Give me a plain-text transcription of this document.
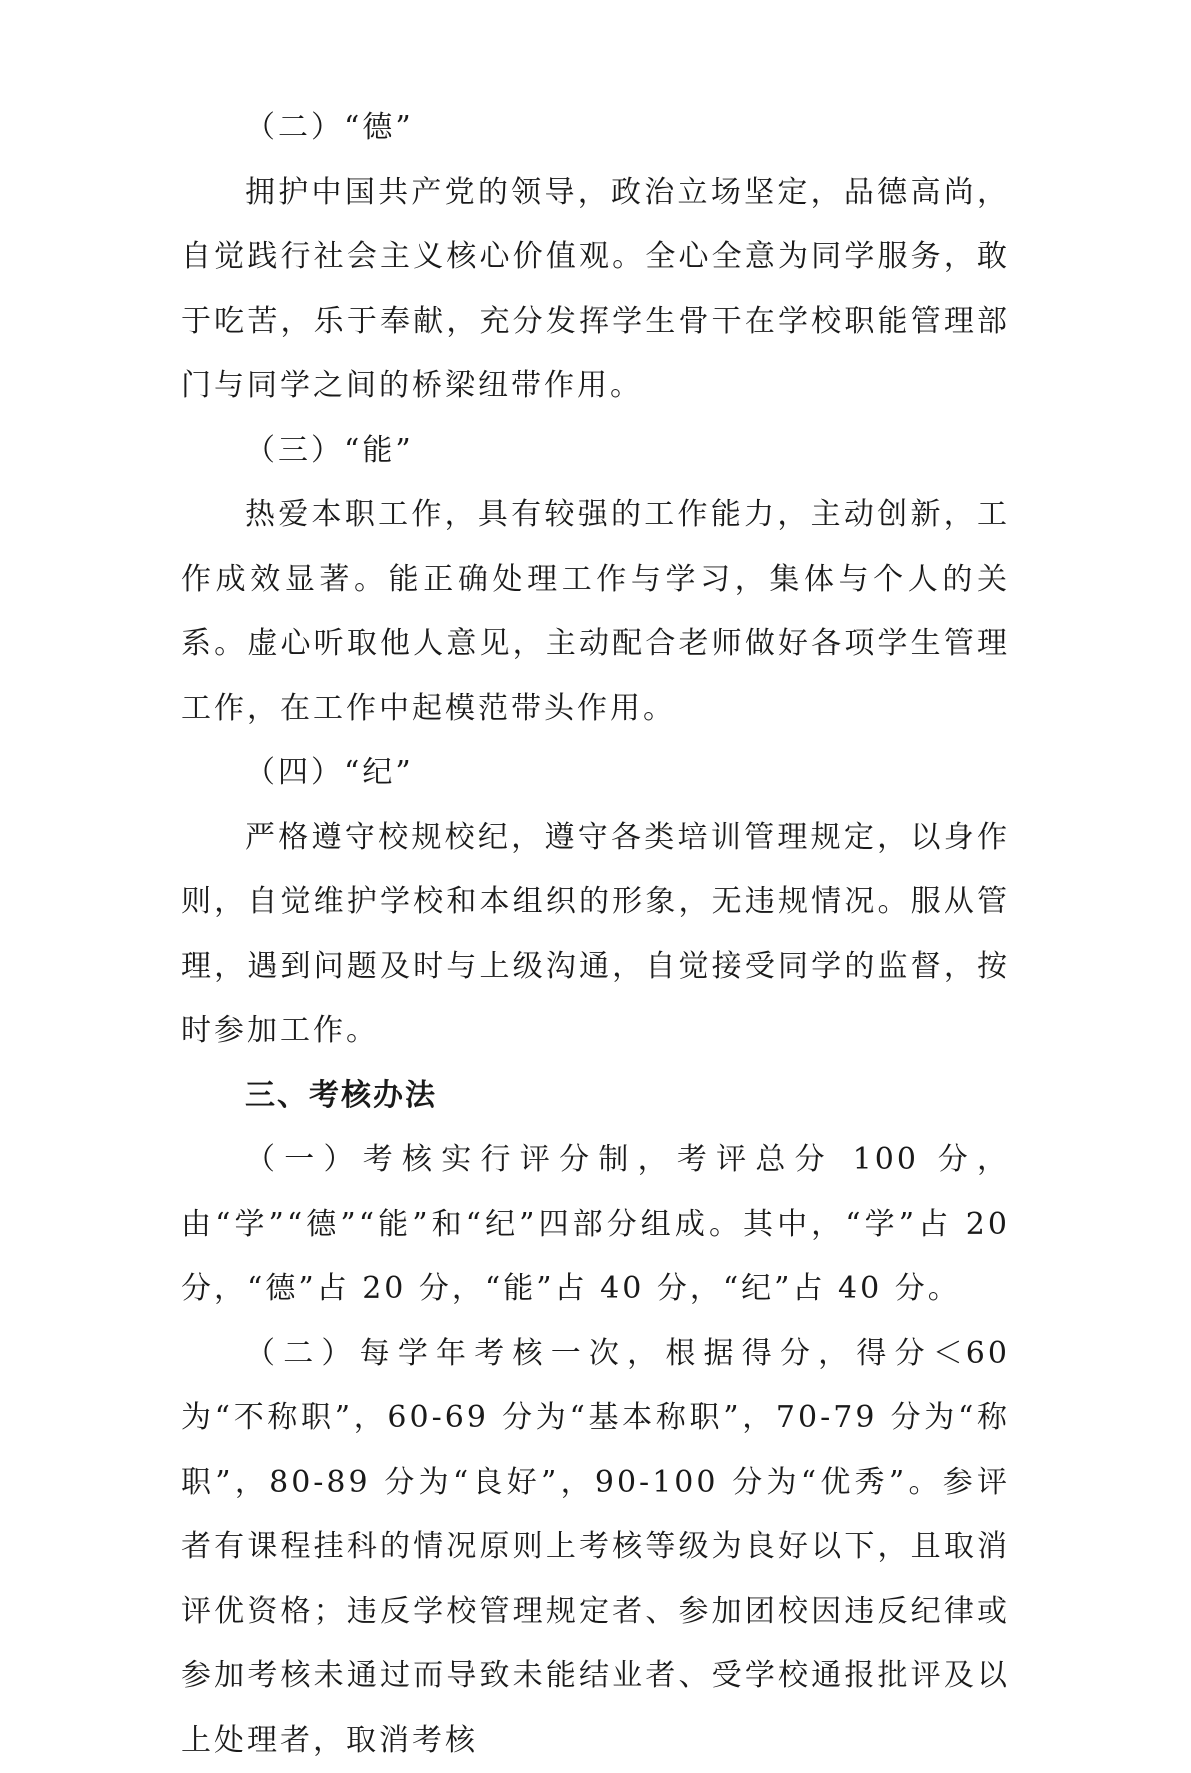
（二）“德”

拥护中国共产党的领导，政治立场坚定，品德高尚，自觉践行社会主义核心价值观。全心全意为同学服务，敢于吃苦，乐于奉献，充分发挥学生骨干在学校职能管理部门与同学之间的桥梁纽带作用。

（三）“能”

热爱本职工作，具有较强的工作能力，主动创新，工作成效显著。能正确处理工作与学习，集体与个人的关系。虚心听取他人意见，主动配合老师做好各项学生管理工作，在工作中起模范带头作用。

（四）“纪”

严格遵守校规校纪，遵守各类培训管理规定，以身作则，自觉维护学校和本组织的形象，无违规情况。服从管理，遇到问题及时与上级沟通，自觉接受同学的监督，按时参加工作。

三、考核办法

（一）考核实行评分制，考评总分 100 分，由“学”“德”“能”和“纪”四部分组成。其中，“学”占 20 分，“德”占 20 分，“能”占 40 分，“纪”占 40 分。

（二）每学年考核一次，根据得分，得分＜60 为“不称职”，60-69 分为“基本称职”，70-79 分为“称职”，80-89 分为“良好”，90-100 分为“优秀”。参评者有课程挂科的情况原则上考核等级为良好以下，且取消评优资格；违反学校管理规定者、参加团校因违反纪律或参加考核未通过而导致未能结业者、受学校通报批评及以上处理者，取消考核
